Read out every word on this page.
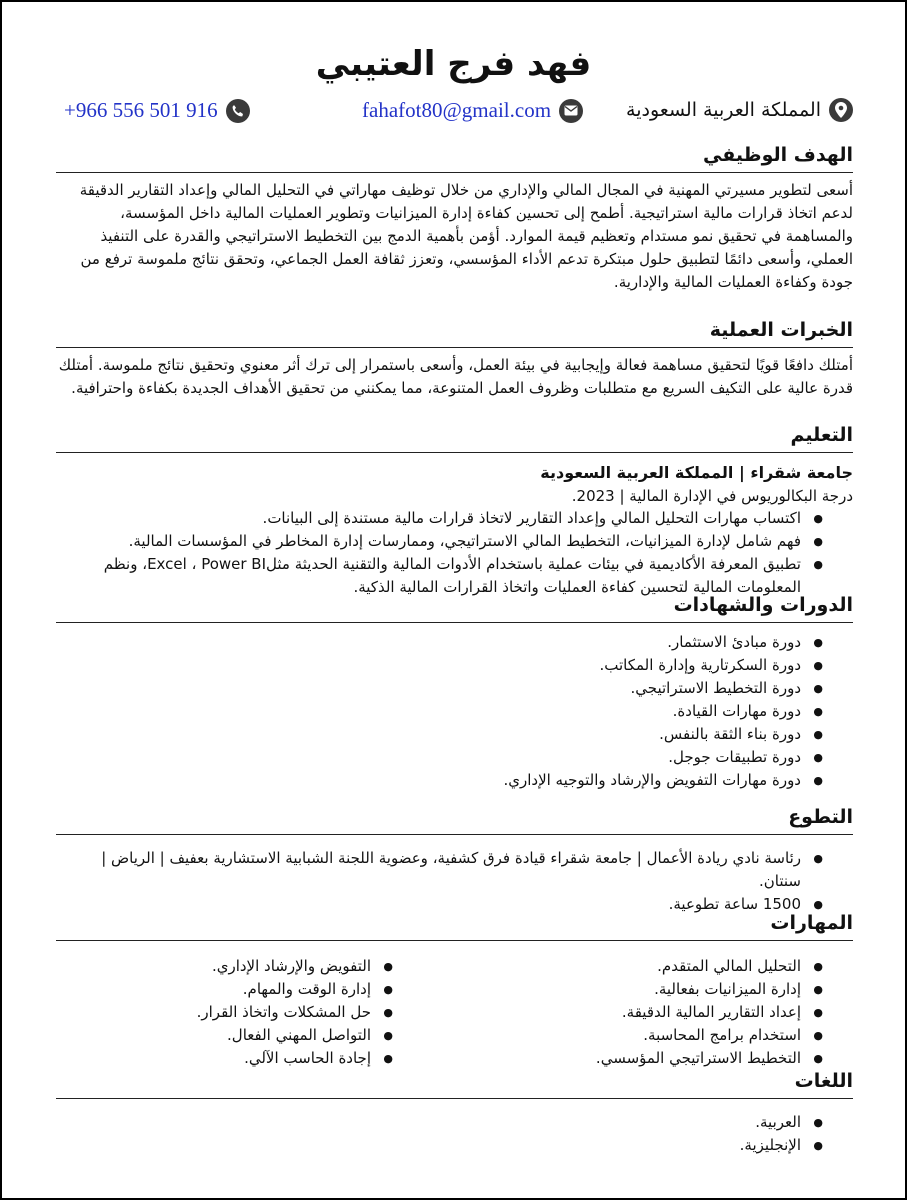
فهد فرج العتيبي
المملكة العربية السعودية
fahafot80@gmail.com
+966 556 501 916
الهدف الوظيفي

أسعى لتطوير مسيرتي المهنية في المجال المالي والإداري من خلال توظيف مهاراتي في التحليل المالي وإعداد التقارير الدقيقة لدعم اتخاذ قرارات مالية استراتيجية. أطمح إلى تحسين كفاءة إدارة الميزانيات وتطوير العمليات المالية داخل المؤسسة، والمساهمة في تحقيق نمو مستدام وتعظيم قيمة الموارد. أؤمن بأهمية الدمج بين التخطيط الاستراتيجي والقدرة على التنفيذ العملي، وأسعى دائمًا لتطبيق حلول مبتكرة تدعم الأداء المؤسسي، وتعزز ثقافة العمل الجماعي، وتحقق نتائج ملموسة ترفع من جودة وكفاءة العمليات المالية والإدارية.

الخبرات العملية

أمتلك دافعًا قويًا لتحقيق مساهمة فعالة وإيجابية في بيئة العمل، وأسعى باستمرار إلى ترك أثر معنوي وتحقيق نتائج ملموسة. أمتلك قدرة عالية على التكيف السريع مع متطلبات وظروف العمل المتنوعة، مما يمكنني من تحقيق الأهداف الجديدة بكفاءة واحترافية.

التعليم
جامعة شقراء | المملكة العربية السعودية
درجة البكالوريوس في الإدارة المالية | 2023.
● اكتساب مهارات التحليل المالي وإعداد التقارير لاتخاذ قرارات مالية مستندة إلى البيانات.
● فهم شامل لإدارة الميزانيات، التخطيط المالي الاستراتيجي، وممارسات إدارة المخاطر في المؤسسات المالية.
● تطبيق المعرفة الأكاديمية في بيئات عملية باستخدام الأدوات المالية والتقنية الحديثة مثلExcel ، Power BI، ونظم المعلومات المالية لتحسين كفاءة العمليات واتخاذ القرارات المالية الذكية.
الدورات والشهادات
● دورة مبادئ الاستثمار.
● دورة السكرتارية وإدارة المكاتب.
● دورة التخطيط الاستراتيجي.
● دورة مهارات القيادة.
● دورة بناء الثقة بالنفس.
● دورة تطبيقات جوجل.
● دورة مهارات التفويض والإرشاد والتوجيه الإداري.
التطوع
● رئاسة نادي ريادة الأعمال | جامعة شقراء قيادة فرق كشفية، وعضوية اللجنة الشبابية الاستشارية بعفيف | الرياض | سنتان.
● 1500 ساعة تطوعية.
المهارات
● التحليل المالي المتقدم.
● إدارة الميزانيات بفعالية.
● إعداد التقارير المالية الدقيقة.
● استخدام برامج المحاسبة.
● التخطيط الاستراتيجي المؤسسي.
● التفويض والإرشاد الإداري.
● إدارة الوقت والمهام.
● حل المشكلات واتخاذ القرار.
● التواصل المهني الفعال.
● إجادة الحاسب الآلي.
اللغات
● العربية.
● الإنجليزية.
